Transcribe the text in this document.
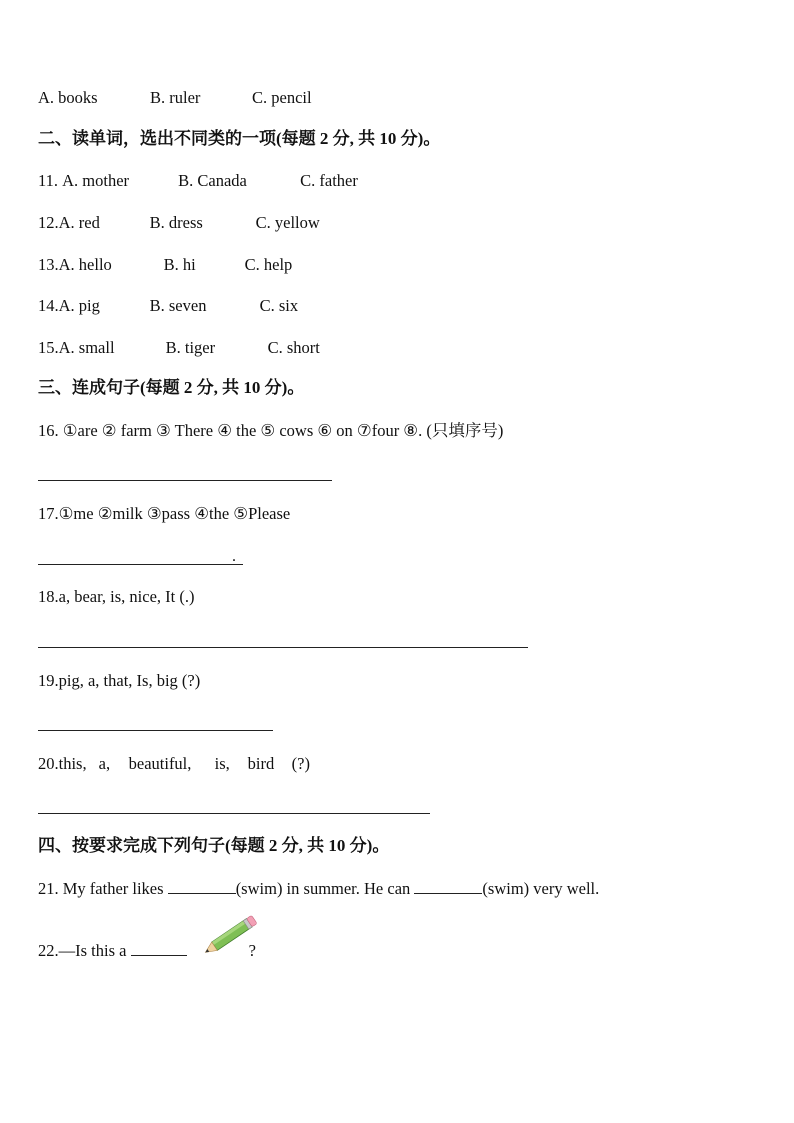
A. books	B. ruler	C. pencil
二、读单词，选出不同类的一项(每题 2 分, 共 10 分)。
11. A. mother	B. Canada	C. father
12.A. red	B. dress	C. yellow
13.A. hello	B. hi	C. help
14.A. pig	B. seven	C. six
15.A. small	B. tiger	C. short
三、连成句子(每题 2 分, 共 10 分)。
16. ①are ② farm ③ There ④ the ⑤ cows ⑥ on ⑦four ⑧. (只填序号)
17.①me ②milk ③pass ④the ⑤Please
.
18.a, bear, is, nice, It (.)
19.pig, a, that, Is, big (?)
20.this, a, beautiful, is, bird (?)
四、按要求完成下列句子(每题 2 分, 共 10 分)。
21. My father likes	(swim) in summer. He can	(swim) very well.
22.—Is this a	?
